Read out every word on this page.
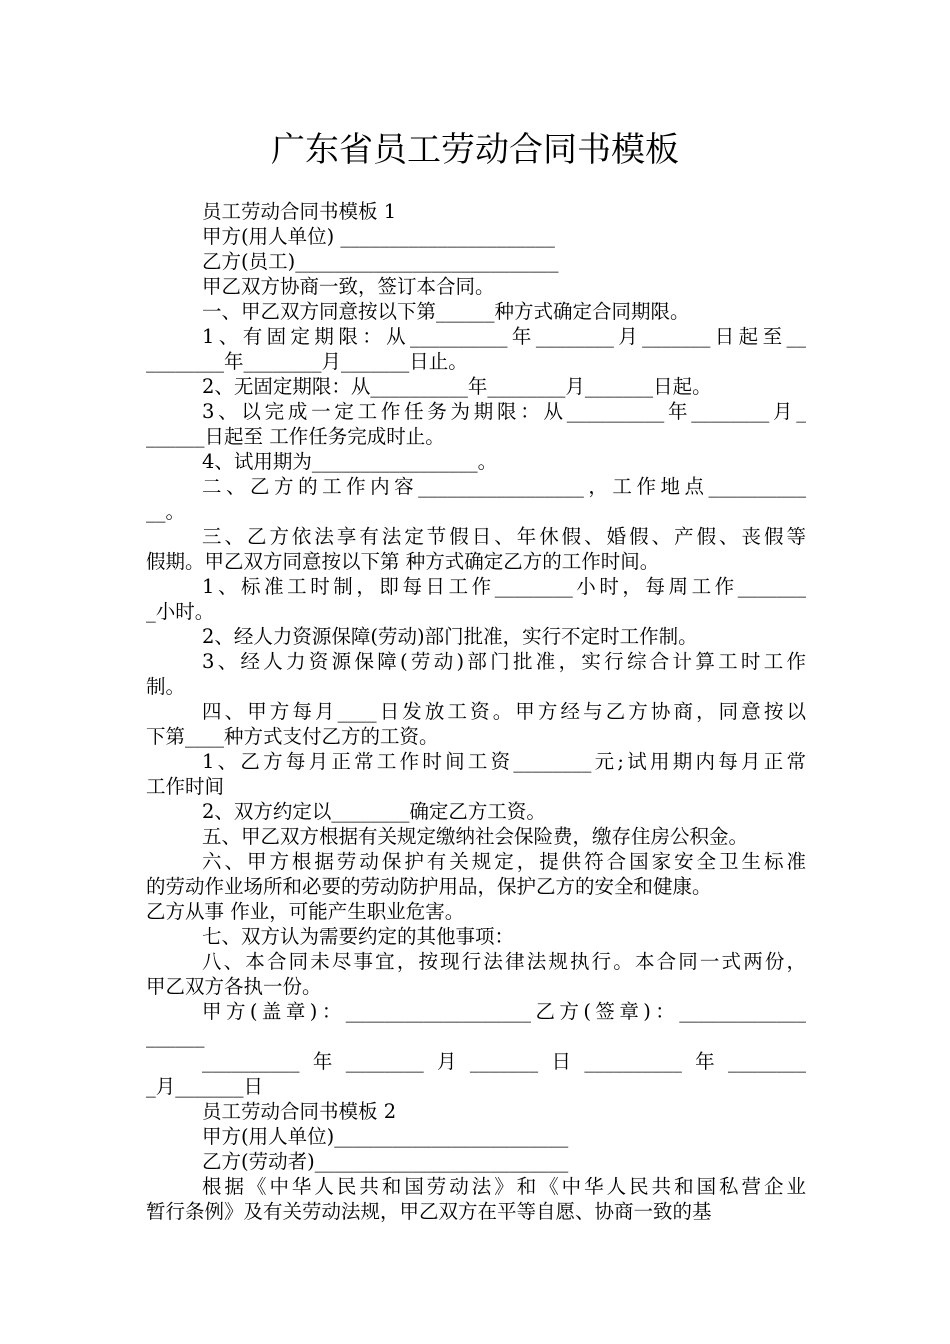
广东省员工劳动合同书模板
员工劳动合同书模板 1
甲方(用人单位) ______________________
乙方(员工)___________________________
甲乙双方协商一致，签订本合同。
一、甲乙双方同意按以下第______种方式确定合同期限。
1、有固定期限：从__________年________月_______日起至__
________年________月_______日止。
2、无固定期限：从__________年________月_______日起。
3、以完成一定工作任务为期限：从__________年________月_
______日起至 工作任务完成时止。
4、试用期为_________________。
二、乙方的工作内容_________________，工作地点__________
__。
三、乙方依法享有法定节假日、年休假、婚假、产假、丧假等
假期。甲乙双方同意按以下第 种方式确定乙方的工作时间。
1、标准工时制，即每日工作________小时，每周工作_______
_小时。
2、经人力资源保障(劳动)部门批准，实行不定时工作制。
3、经人力资源保障(劳动)部门批准，实行综合计算工时工作
制。
四、甲方每月____日发放工资。甲方经与乙方协商，同意按以
下第____种方式支付乙方的工资。
1、乙方每月正常工作时间工资________元;试用期内每月正常
工作时间
2、双方约定以________确定乙方工资。
五、甲乙双方根据有关规定缴纳社会保险费，缴存住房公积金。
六、甲方根据劳动保护有关规定，提供符合国家安全卫生标准
的劳动作业场所和必要的劳动防护用品，保护乙方的安全和健康。
乙方从事 作业，可能产生职业危害。
七、双方认为需要约定的其他事项：
八、本合同未尽事宜，按现行法律法规执行。本合同一式两份，
甲乙双方各执一份。
甲方(盖章)：___________________乙方(签章)：_____________
______
__________年________月_______日__________年________
_月_______日
员工劳动合同书模板 2
甲方(用人单位)________________________
乙方(劳动者)__________________________
根据《中华人民共和国劳动法》和《中华人民共和国私营企业
暂行条例》及有关劳动法规，甲乙双方在平等自愿、协商一致的基
